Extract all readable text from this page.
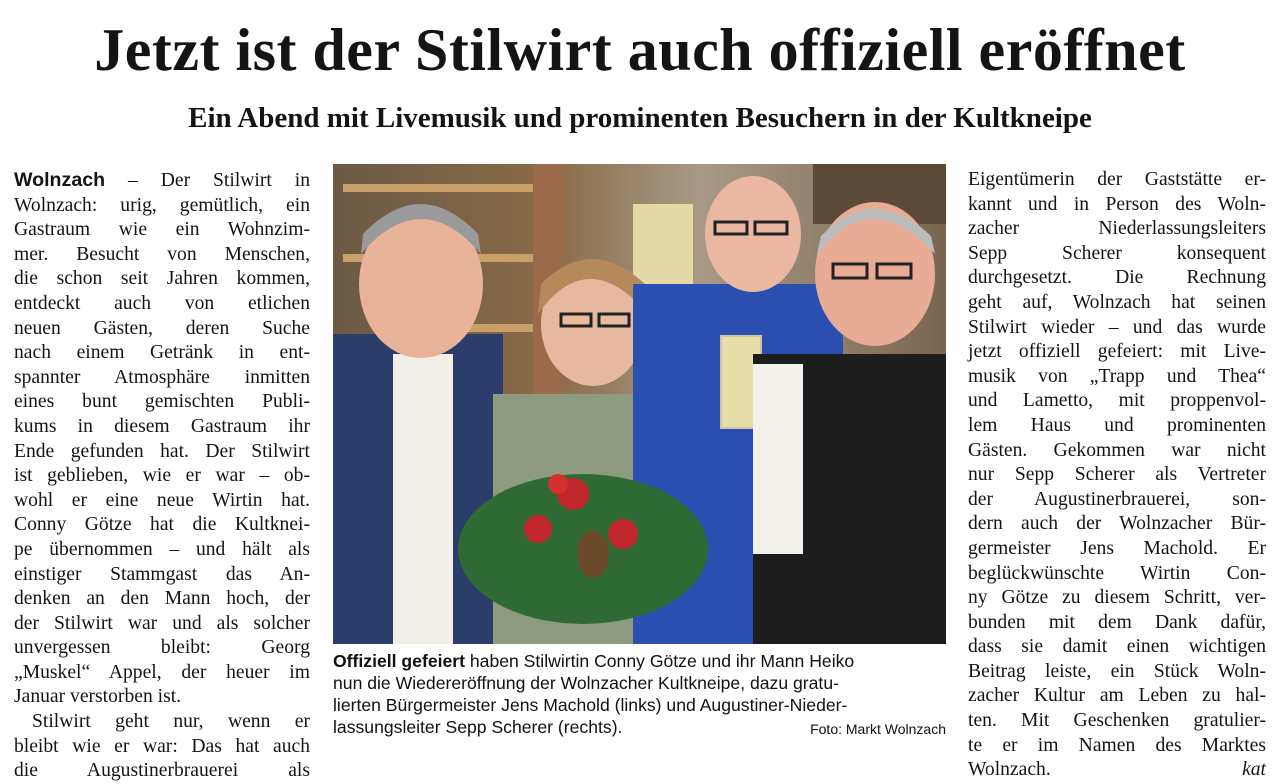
Jetzt ist der Stilwirt auch offiziell eröffnet
Ein Abend mit Livemusik und prominenten Besuchern in der Kultkneipe

Wolnzach – Der Stilwirt in
Wolnzach: urig, gemütlich, ein
Gastraum wie ein Wohnzim-
mer. Besucht von Menschen,
die schon seit Jahren kommen,
entdeckt auch von etlichen
neuen Gästen, deren Suche
nach einem Getränk in ent-
spannter Atmosphäre inmitten
eines bunt gemischten Publi-
kums in diesem Gastraum ihr
Ende gefunden hat. Der Stilwirt
ist geblieben, wie er war – ob-
wohl er eine neue Wirtin hat.
Conny Götze hat die Kultknei-
pe übernommen – und hält als
einstiger Stammgast das An-
denken an den Mann hoch, der
der Stilwirt war und als solcher
unvergessen bleibt: Georg
„Muskel“ Appel, der heuer im
Januar verstorben ist.

Stilwirt geht nur, wenn er
bleibt wie er war: Das hat auch
die Augustinerbrauerei als

Offiziell gefeiert haben Stilwirtin Conny Götze und ihr Mann Heiko
nun die Wiedereröffnung der Wolnzacher Kultkneipe, dazu gratu-
lierten Bürgermeister Jens Machold (links) und Augustiner-Nieder-
lassungsleiter Sepp Scherer (rechts).	Foto: Markt Wolnzach

Eigentümerin der Gaststätte er-
kannt und in Person des Woln-
zacher Niederlassungsleiters
Sepp Scherer konsequent
durchgesetzt. Die Rechnung
geht auf, Wolnzach hat seinen
Stilwirt wieder – und das wurde
jetzt offiziell gefeiert: mit Live-
musik von „Trapp und Thea“
und Lametto, mit proppenvol-
lem Haus und prominenten
Gästen. Gekommen war nicht
nur Sepp Scherer als Vertreter
der Augustinerbrauerei, son-
dern auch der Wolnzacher Bür-
germeister Jens Machold. Er
beglückwünschte Wirtin Con-
ny Götze zu diesem Schritt, ver-
bunden mit dem Dank dafür,
dass sie damit einen wichtigen
Beitrag leiste, ein Stück Woln-
zacher Kultur am Leben zu hal-
ten. Mit Geschenken gratulier-
te er im Namen des Marktes
Wolnzach.	kat
